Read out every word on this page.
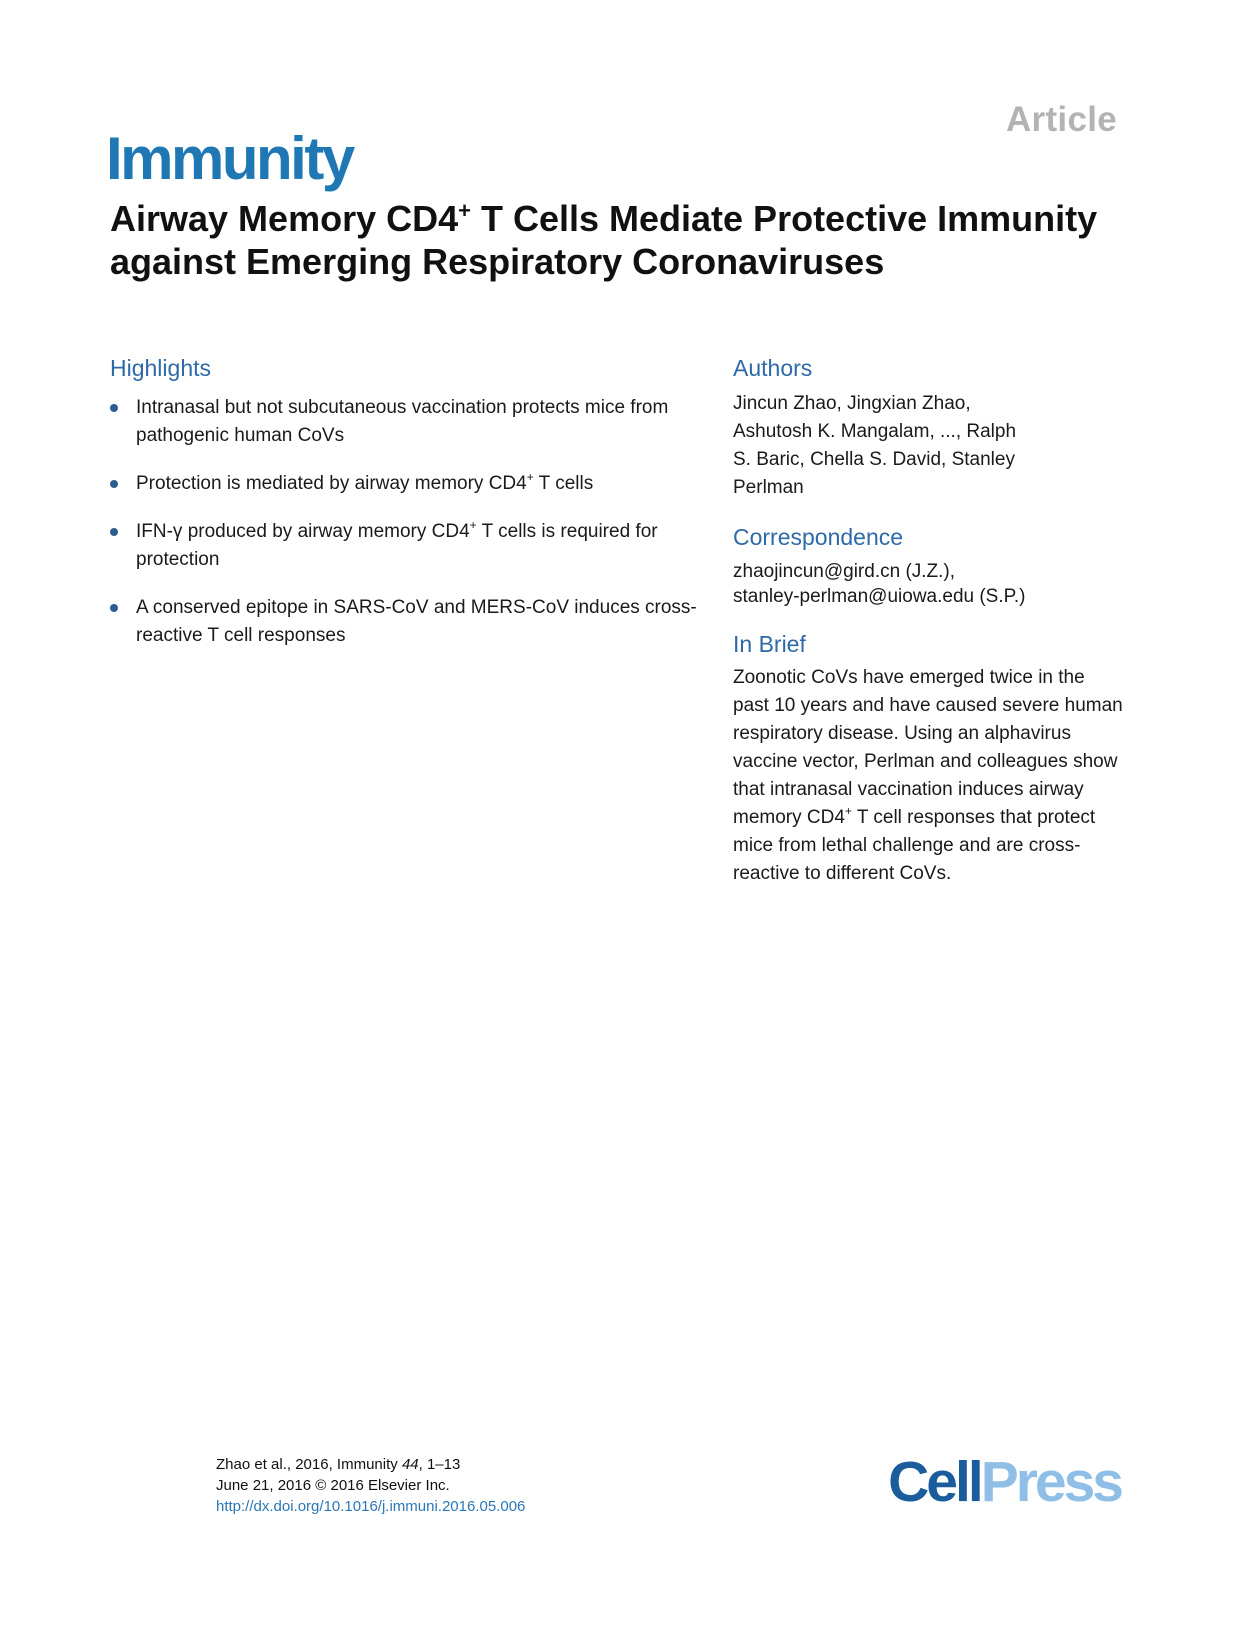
Article
Immunity
Airway Memory CD4+ T Cells Mediate Protective Immunity against Emerging Respiratory Coronaviruses
Highlights
Intranasal but not subcutaneous vaccination protects mice from pathogenic human CoVs
Protection is mediated by airway memory CD4+ T cells
IFN-γ produced by airway memory CD4+ T cells is required for protection
A conserved epitope in SARS-CoV and MERS-CoV induces cross-reactive T cell responses
Authors
Jincun Zhao, Jingxian Zhao, Ashutosh K. Mangalam, ..., Ralph S. Baric, Chella S. David, Stanley Perlman
Correspondence
zhaojincun@gird.cn (J.Z.),
stanley-perlman@uiowa.edu (S.P.)
In Brief
Zoonotic CoVs have emerged twice in the past 10 years and have caused severe human respiratory disease. Using an alphavirus vaccine vector, Perlman and colleagues show that intranasal vaccination induces airway memory CD4+ T cell responses that protect mice from lethal challenge and are cross-reactive to different CoVs.
Zhao et al., 2016, Immunity 44, 1–13
June 21, 2016 © 2016 Elsevier Inc.
http://dx.doi.org/10.1016/j.immuni.2016.05.006	CellPress
